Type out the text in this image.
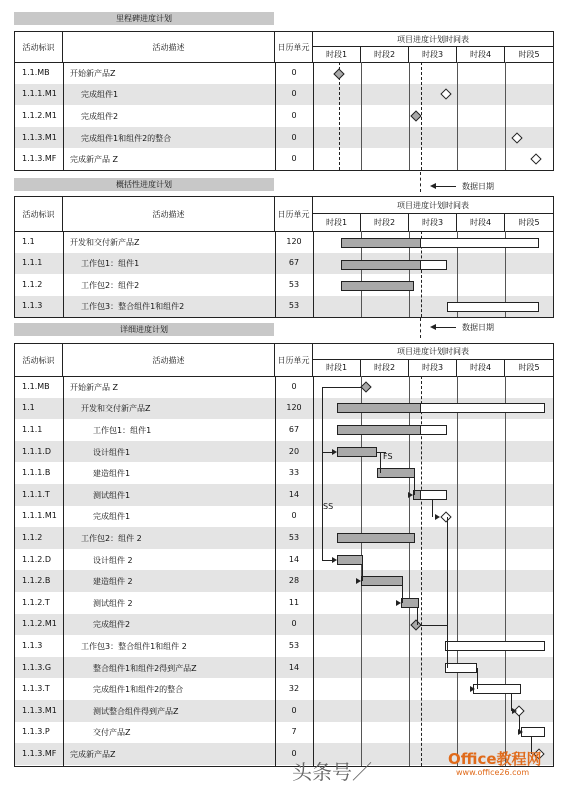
里程碑进度计划
活动标识	活动描述	日历单元
项目进度计划时间表
时段1	时段2	时段3	时段4	时段5
1.1.MB	开始新产品Z	0
1.1.1.M1	完成组件1	0
1.1.2.M1	完成组件2	0
1.1.3.M1	完成组件1和组件2的整合	0
1.1.3.MF 完成新产品 Z	0
数据日期
概括性进度计划
活动标识	活动描述	日历单元
项目进度计划时间表
时段1	时段2	时段3	时段4	时段5
1.1	开发和交付新产品Z	120
1.1.1	工作包1：组件1	67
1.1.2	工作包2：组件2	53
1.1.3	工作包3：整合组件1和组件2	53
数据日期
详细进度计划
活动标识	活动描述	日历单元
项目进度计划时间表
时段1	时段2	时段3	时段4	时段5
1.1.MB	开始新产品 Z	0
1.1	开发和交付新产品Z	120
1.1.1	工作包1：组件1	67
1.1.1.D	设计组件1	20
1.1.1.B	建造组件1	33
1.1.1.T	测试组件1	14
1.1.1.M1	完成组件1	0
1.1.2	工作包2：组件 2	53
1.1.2.D	设计组件 2	14
1.1.2.B	建造组件 2	28
1.1.2.T	测试组件 2	11
1.1.2.M1	完成组件2	0
1.1.3	工作包3：整合组件1和组件 2	53
1.1.3.G	整合组件1和组件2得到产品Z	14
1.1.3.T	完成组件1和组件2的整合	32
1.1.3.M1	测试整合组件得到产品Z	0
1.1.3.P	交付产品Z	7
1.1.3.MF 完成新产品Z	0
SS
FS
头条号／
Office教程网
www.office26.com
